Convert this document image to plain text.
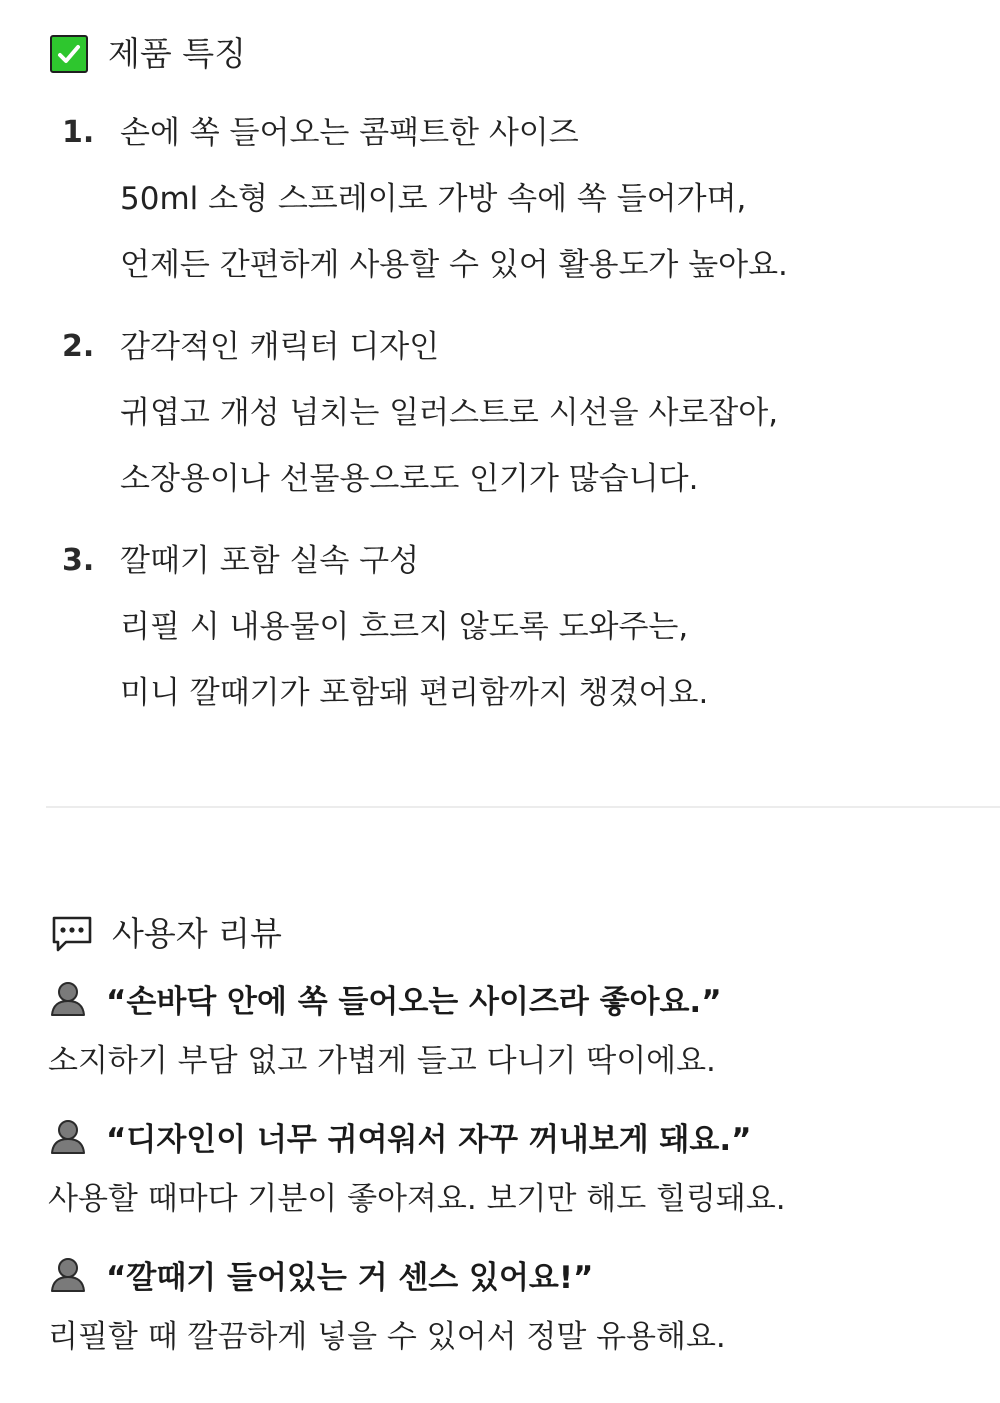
제품 특징
1. 손에 쏙 들어오는 콤팩트한 사이즈
50ml 소형 스프레이로 가방 속에 쏙 들어가며,
언제든 간편하게 사용할 수 있어 활용도가 높아요.
2. 감각적인 캐릭터 디자인
귀엽고 개성 넘치는 일러스트로 시선을 사로잡아,
소장용이나 선물용으로도 인기가 많습니다.
3. 깔때기 포함 실속 구성
리필 시 내용물이 흐르지 않도록 도와주는,
미니 깔때기가 포함돼 편리함까지 챙겼어요.
사용자 리뷰
“손바닥 안에 쏙 들어오는 사이즈라 좋아요.”
소지하기 부담 없고 가볍게 들고 다니기 딱이에요.
“디자인이 너무 귀여워서 자꾸 꺼내보게 돼요.”
사용할 때마다 기분이 좋아져요. 보기만 해도 힐링돼요.
“깔때기 들어있는 거 센스 있어요!”
리필할 때 깔끔하게 넣을 수 있어서 정말 유용해요.
